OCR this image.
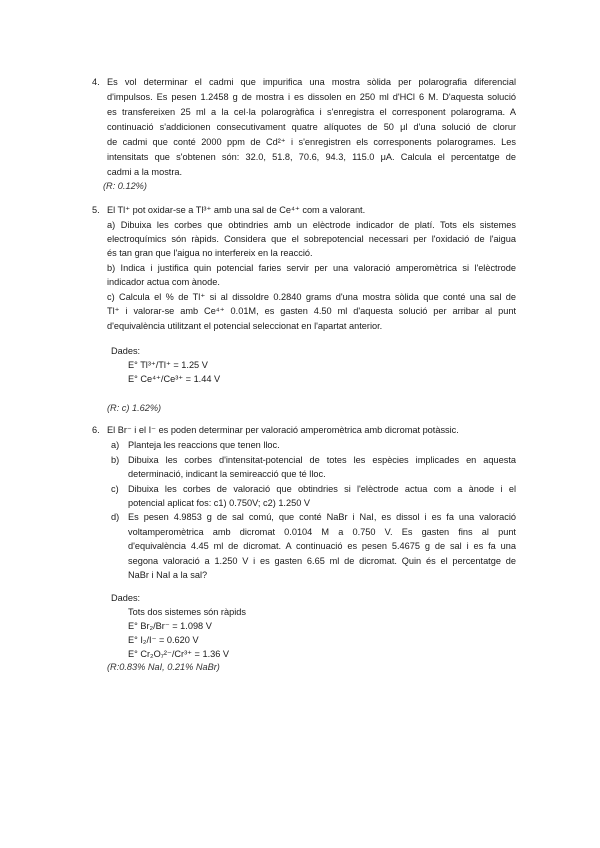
4. Es vol determinar el cadmi que impurifica una mostra sòlida per polarografia diferencial
d'impulsos. Es pesen 1.2458 g de mostra i es dissolen en 250 ml d'HCl 6 M. D'aquesta solució
es transfereixen 25 ml a la cel·la polarogràfica i s'enregistra el corresponent polarograma. A
continuació s'addicionen consecutivament quatre alíquotes de 50 μl d'una solució de clorur
de cadmi que conté 2000 ppm de Cd²⁺ i s'enregistren els corresponents polarogrames. Les
intensitats que s'obtenen són: 32.0, 51.8, 70.6, 94.3, 115.0 μA. Calcula el percentatge de
cadmi a la mostra.
(R: 0.12%)
5. El Tl⁺ pot oxidar-se a Tl³⁺ amb una sal de Ce⁴⁺ com a valorant.
a) Dibuixa les corbes que obtindries amb un elèctrode indicador de platí. Tots els sistemes
electroquímics són ràpids. Considera que el sobrepotencial necessari per l'oxidació de l'aigua
és tan gran que l'aigua no interfereix en la reacció.
b) Indica i justifica quin potencial faries servir per una valoració amperomètrica si l'elèctrode
indicador actua com ànode.
c) Calcula el % de Tl⁺ si al dissoldre 0.2840 grams d'una mostra sòlida que conté una sal de
Tl⁺ i valorar-se amb Ce⁴⁺ 0.01M, es gasten 4.50 ml d'aquesta solució per arribar al punt
d'equivalència utilitzant el potencial seleccionat en l'apartat anterior.
Dades:
E° Tl³⁺/Tl⁺ = 1.25 V
E° Ce⁴⁺/Ce³⁺ = 1.44 V
(R: c) 1.62%)
6. El Br⁻ i el I⁻ es poden determinar per valoració amperomètrica amb dicromat potàssic.
a) Planteja les reaccions que tenen lloc.
b) Dibuixa les corbes d'intensitat-potencial de totes les espècies implicades en aquesta
determinació, indicant la semireacció que té lloc.
c) Dibuixa les corbes de valoració que obtindries si l'elèctrode actua com a ànode i el
potencial aplicat fos: c1) 0.750V; c2) 1.250 V
d) Es pesen 4.9853 g de sal comú, que conté NaBr i NaI, es dissol i es fa una valoració
voltamperomètrica amb dicromat 0.0104 M a 0.750 V. Es gasten fins al punt
d'equivalència 4.45 ml de dicromat. A continuació es pesen 5.4675 g de sal i es fa una
segona valoració a 1.250 V i es gasten 6.65 ml de dicromat. Quin és el percentatge de
NaBr i NaI a la sal?
Dades:
Tots dos sistemes són ràpids
E° Br₂/Br⁻ = 1.098 V
E° I₂/I⁻ = 0.620 V
E° Cr₂O₇²⁻/Cr³⁺ = 1.36 V
(R:0.83% NaI, 0.21% NaBr)
